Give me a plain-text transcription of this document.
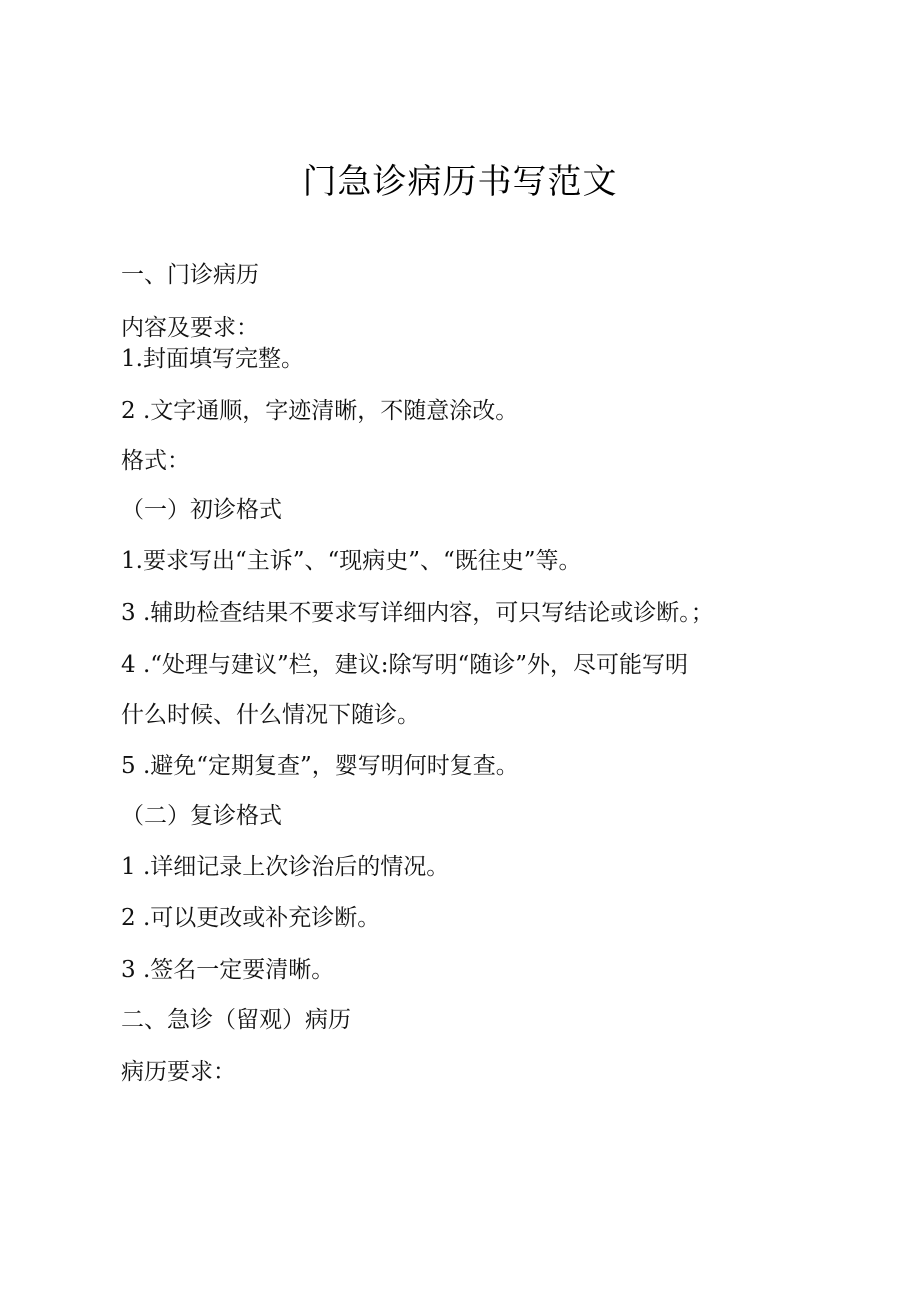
门急诊病历书写范文
一、门诊病历
内容及要求：
1.封面填写完整。
2 .文字通顺，字迹清晰，不随意涂改。
格式：
（一）初诊格式
1.要求写出“主诉”、“现病史”、“既往史”等。
3 .辅助检查结果不要求写详细内容，可只写结论或诊断。；
4 .“处理与建议”栏，建议:除写明“随诊”外，尽可能写明
什么时候、什么情况下随诊。
5 .避免“定期复查”，婴写明何时复查。
（二）复诊格式
1 .详细记录上次诊治后的情况。
2 .可以更改或补充诊断。
3 .签名一定要清晰。
二、急诊（留观）病历
病历要求：
